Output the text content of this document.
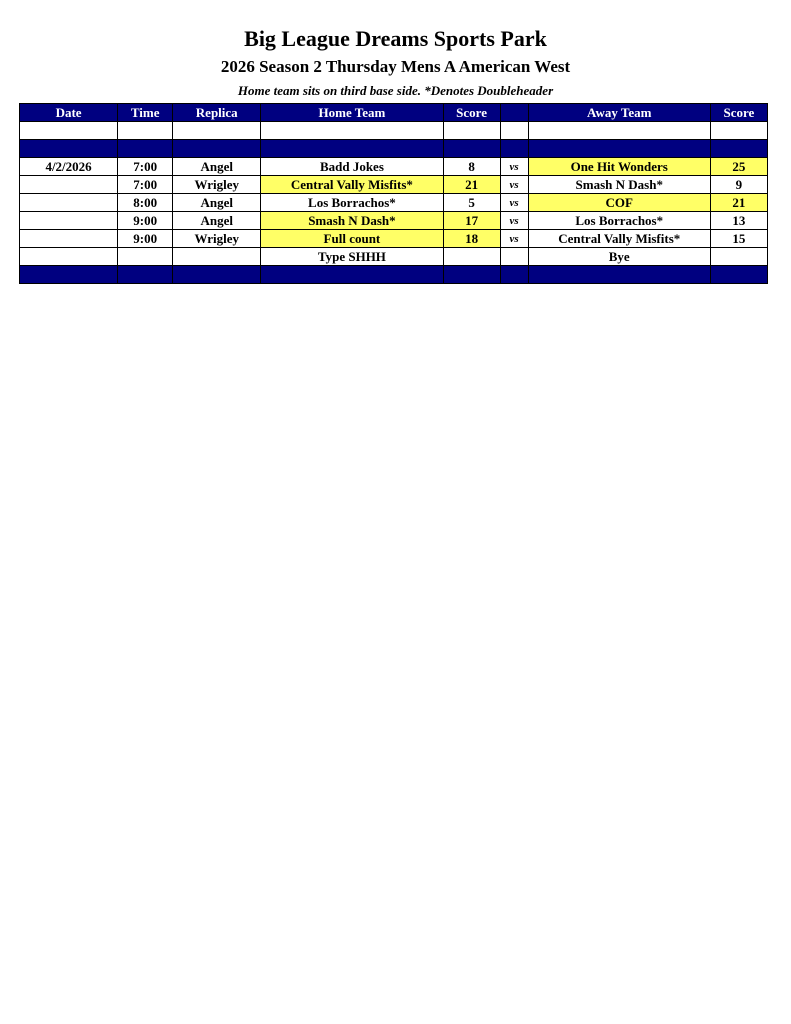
Big League Dreams Sports Park
2026 Season 2 Thursday Mens A American West
Home team sits on third base side. *Denotes Doubleheader
Date	Time	Replica	Home Team	Score		Away Team	Score

4/2/2026	7:00	Angel	Badd Jokes	8	vs	One Hit Wonders	25
	7:00	Wrigley	Central Vally Misfits*	21	vs	Smash N Dash*	9
	8:00	Angel	Los Borrachos*	5	vs	COF	21
	9:00	Angel	Smash N Dash*	17	vs	Los Borrachos*	13
	9:00	Wrigley	Full count	18	vs	Central Vally Misfits*	15
			Type SHHH			Bye	
